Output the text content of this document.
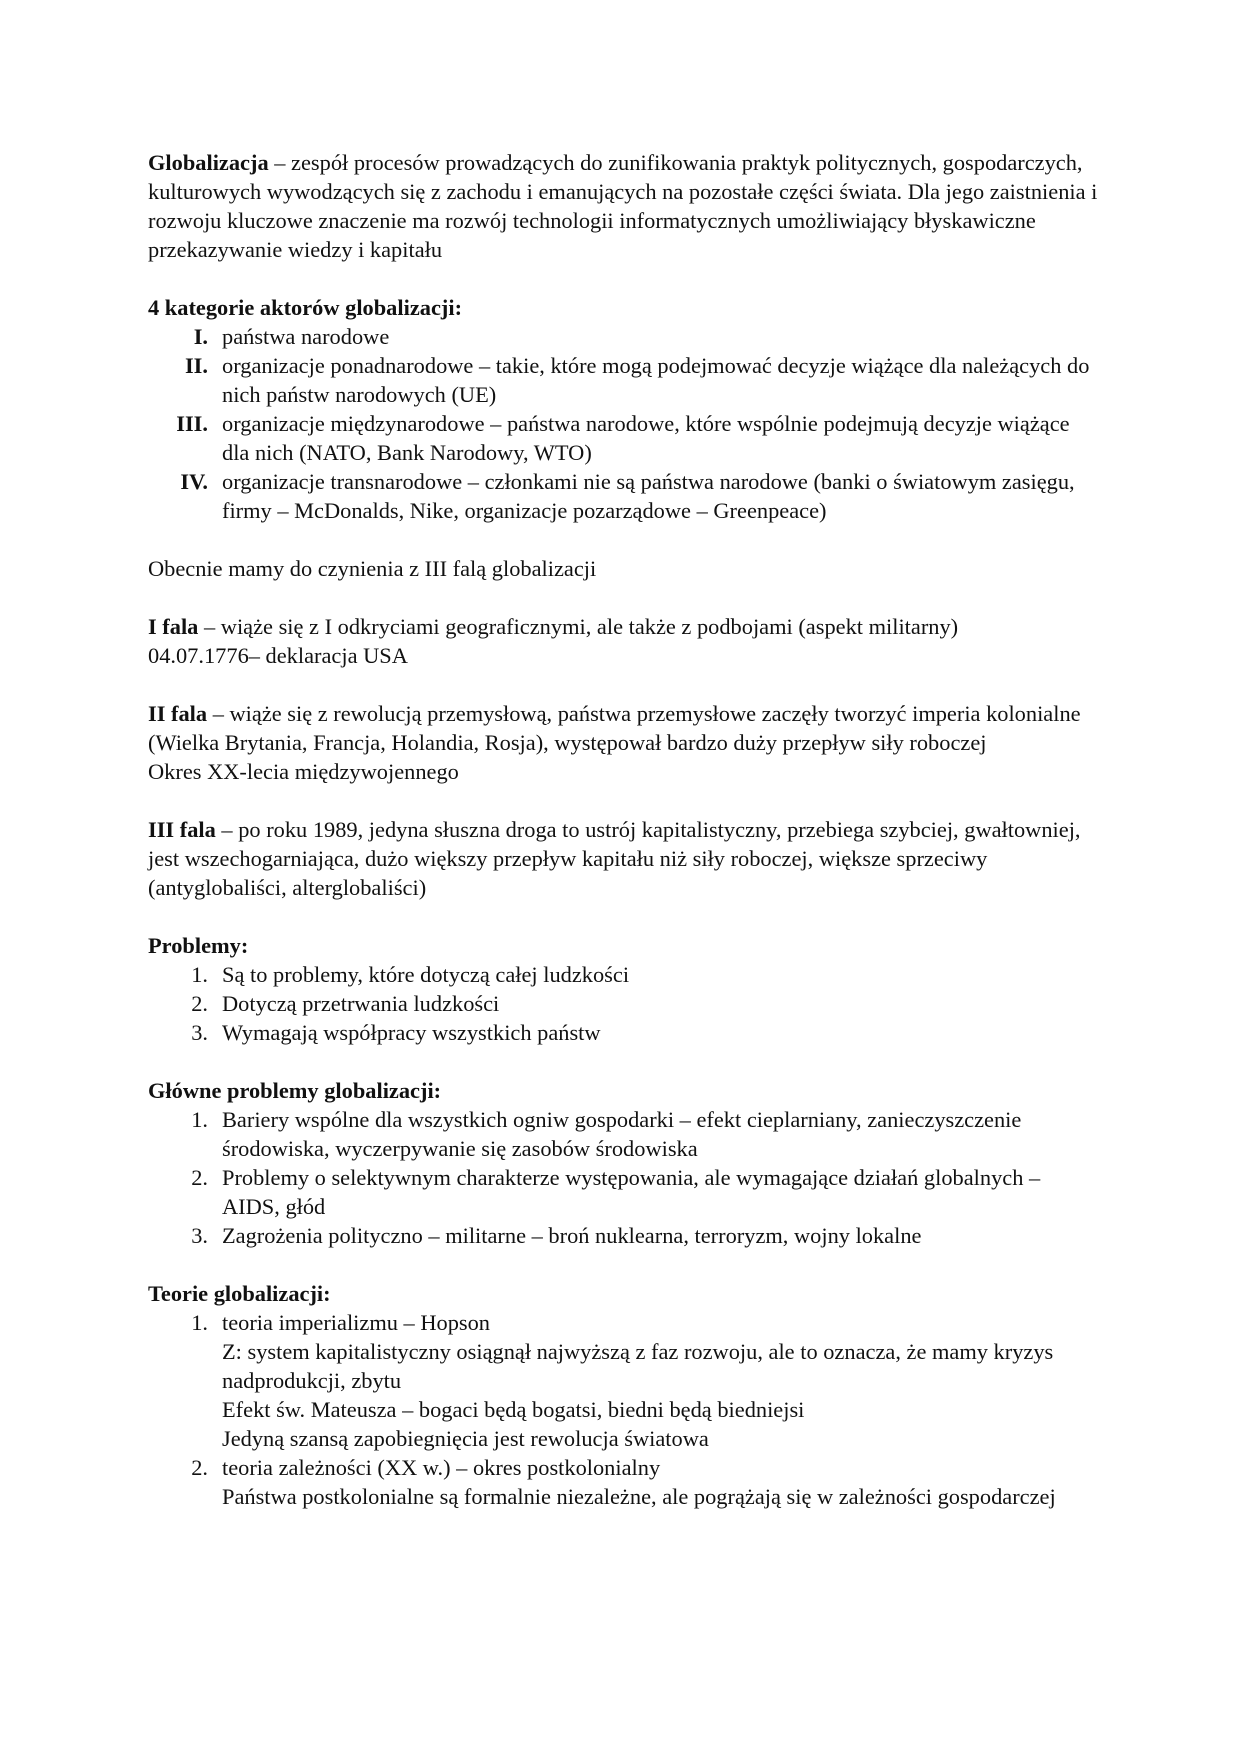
Globalizacja – zespół procesów prowadzących do zunifikowania praktyk politycznych, gospodarczych, kulturowych wywodzących się z zachodu i emanujących na pozostałe części świata. Dla jego zaistnienia i rozwoju kluczowe znaczenie ma rozwój technologii informatycznych umożliwiający błyskawiczne przekazywanie wiedzy i kapitału

4 kategorie aktorów globalizacji:

I. państwa narodowe
II. organizacje ponadnarodowe – takie, które mogą podejmować decyzje wiążące dla należących do nich państw narodowych (UE)
III. organizacje międzynarodowe – państwa narodowe, które wspólnie podejmują decyzje wiążące dla nich (NATO, Bank Narodowy, WTO)
IV. organizacje transnarodowe – członkami nie są państwa narodowe (banki o światowym zasięgu, firmy – McDonalds, Nike, organizacje pozarządowe – Greenpeace)

Obecnie mamy do czynienia z III falą globalizacji

I fala – wiąże się z I odkryciami geograficznymi, ale także z podbojami (aspekt militarny)

04.07.1776– deklaracja USA

II fala – wiąże się z rewolucją przemysłową, państwa przemysłowe zaczęły tworzyć imperia kolonialne (Wielka Brytania, Francja, Holandia, Rosja), występował bardzo duży przepływ siły roboczej

Okres XX-lecia międzywojennego

III fala – po roku 1989, jedyna słuszna droga to ustrój kapitalistyczny, przebiega szybciej, gwałtowniej, jest wszechogarniająca, dużo większy przepływ kapitału niż siły roboczej, większe sprzeciwy (antyglobaliści, alterglobaliści)

Problemy:

1. Są to problemy, które dotyczą całej ludzkości
2. Dotyczą przetrwania ludzkości
3. Wymagają współpracy wszystkich państw

Główne problemy globalizacji:

1. Bariery wspólne dla wszystkich ogniw gospodarki – efekt cieplarniany, zanieczyszczenie środowiska, wyczerpywanie się zasobów środowiska
2. Problemy o selektywnym charakterze występowania, ale wymagające działań globalnych – AIDS, głód
3. Zagrożenia polityczno – militarne – broń nuklearna, terroryzm, wojny lokalne

Teorie globalizacji:

1. teoria imperializmu – Hopson

Z: system kapitalistyczny osiągnął najwyższą z faz rozwoju, ale to oznacza, że mamy kryzys nadprodukcji, zbytu

Efekt św. Mateusza – bogaci będą bogatsi, biedni będą biedniejsi

Jedyną szansą zapobiegnięcia jest rewolucja światowa

2. teoria zależności (XX w.) – okres postkolonialny

Państwa postkolonialne są formalnie niezależne, ale pogrążają się w zależności gospodarczej
